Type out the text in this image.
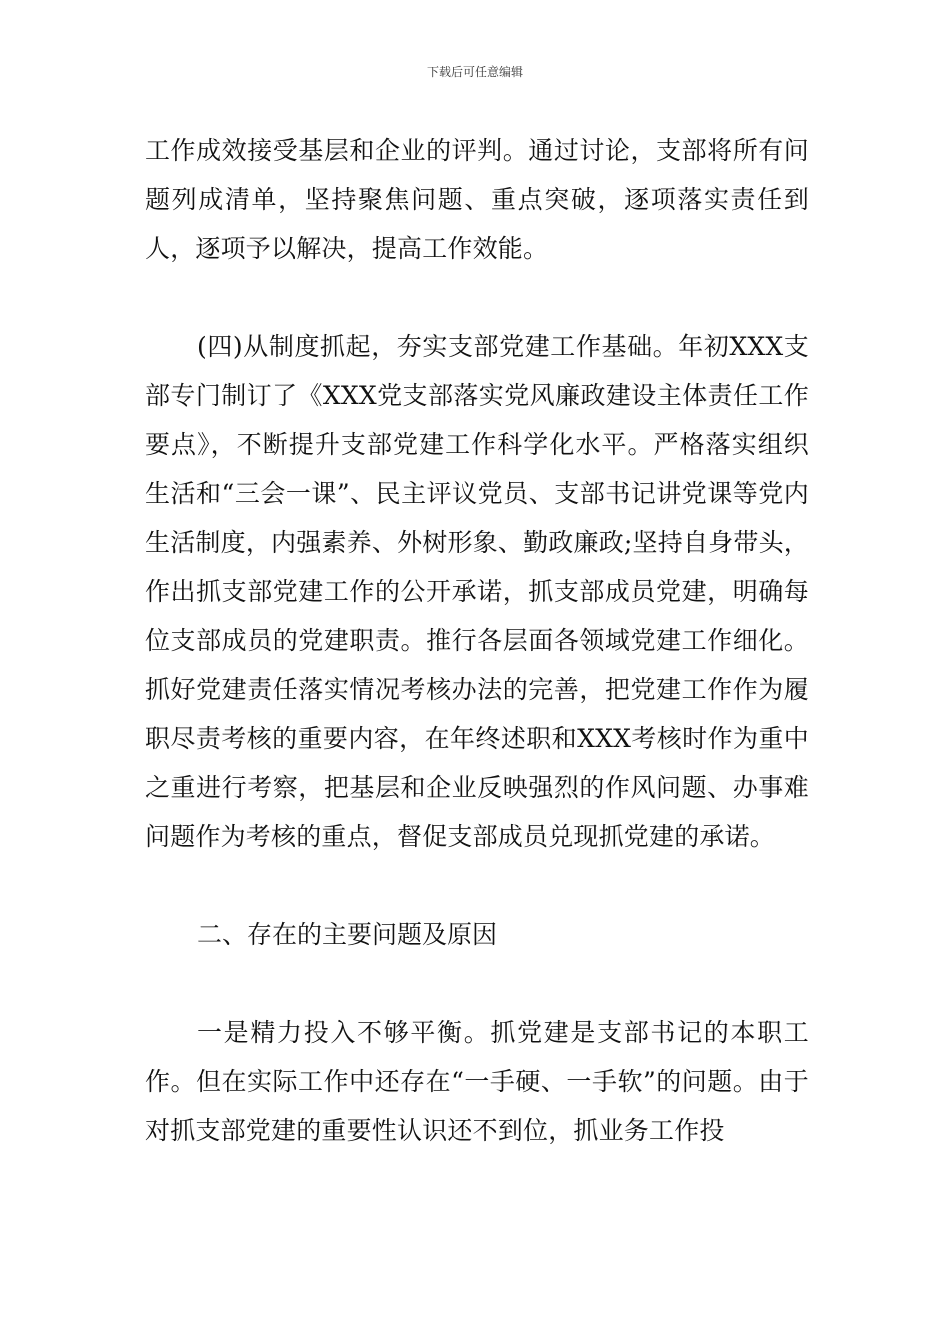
下载后可任意编辑

工作成效接受基层和企业的评判。通过讨论，支部将所有问题列成清单，坚持聚焦问题、重点突破，逐项落实责任到人，逐项予以解决，提高工作效能。

(四)从制度抓起，夯实支部党建工作基础。年初XXX支部专门制订了《XXX党支部落实党风廉政建设主体责任工作要点》，不断提升支部党建工作科学化水平。严格落实组织生活和“三会一课”、民主评议党员、支部书记讲党课等党内生活制度，内强素养、外树形象、勤政廉政;坚持自身带头，作出抓支部党建工作的公开承诺，抓支部成员党建，明确每位支部成员的党建职责。推行各层面各领域党建工作细化。抓好党建责任落实情况考核办法的完善，把党建工作作为履职尽责考核的重要内容，在年终述职和XXX考核时作为重中之重进行考察，把基层和企业反映强烈的作风问题、办事难问题作为考核的重点，督促支部成员兑现抓党建的承诺。

二、存在的主要问题及原因

一是精力投入不够平衡。抓党建是支部书记的本职工作。但在实际工作中还存在“一手硬、一手软”的问题。由于对抓支部党建的重要性认识还不到位，抓业务工作投
